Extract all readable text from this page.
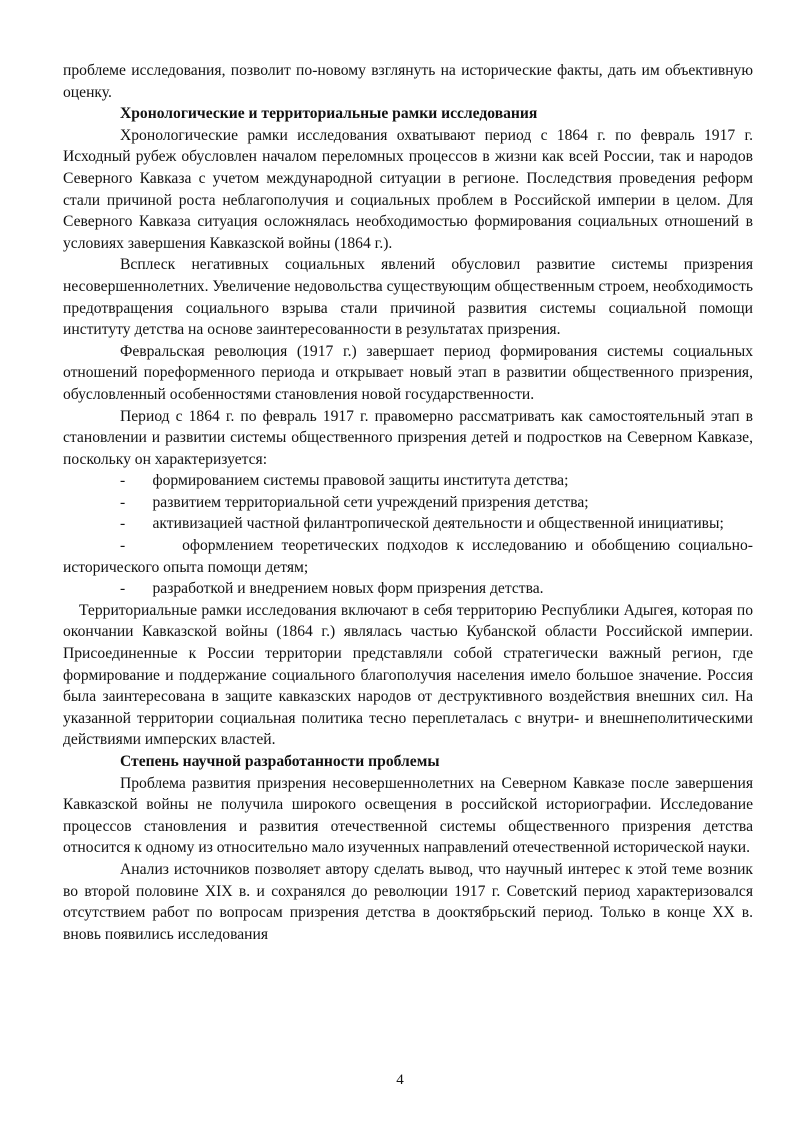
проблеме исследования, позволит по-новому взглянуть на исторические факты, дать им объективную оценку.

Хронологические и территориальные рамки исследования

Хронологические рамки исследования охватывают период с 1864 г. по февраль 1917 г. Исходный рубеж обусловлен началом переломных процессов в жизни как всей России, так и народов Северного Кавказа с учетом международной ситуации в регионе. Последствия проведения реформ стали причиной роста неблагополучия и социальных проблем в Российской империи в целом. Для Северного Кавказа ситуация осложнялась необходимостью формирования социальных отношений в условиях завершения Кавказской войны (1864 г.).

Всплеск негативных социальных явлений обусловил развитие системы призрения несовершеннолетних. Увеличение недовольства существующим общественным строем, необходимость предотвращения социального взрыва стали причиной развития системы социальной помощи институту детства на основе заинтересованности в результатах призрения.

Февральская революция (1917 г.) завершает период формирования системы социальных отношений пореформенного периода и открывает новый этап в развитии общественного призрения, обусловленный особенностями становления новой государственности.

Период с 1864 г. по февраль 1917 г. правомерно рассматривать как самостоятельный этап в становлении и развитии системы общественного призрения детей и подростков на Северном Кавказе, поскольку он характеризуется:

- формированием системы правовой защиты института детства;

- развитием территориальной сети учреждений призрения детства;

- активизацией частной филантропической деятельности и общественной инициативы;

-	оформлением теоретических подходов к исследованию и обобщению социально-исторического опыта помощи детям;

- разработкой и внедрением новых форм призрения детства.

Территориальные рамки исследования включают в себя территорию Республики Адыгея, которая по окончании Кавказской войны (1864 г.) являлась частью Кубанской области Российской империи. Присоединенные к России территории представляли собой стратегически важный регион, где формирование и поддержание социального благополучия населения имело большое значение. Россия была заинтересована в защите кавказских народов от деструктивного воздействия внешних сил. На указанной территории социальная политика тесно переплеталась с внутри- и внешнеполитическими действиями имперских властей.

Степень научной разработанности проблемы

Проблема развития призрения несовершеннолетних на Северном Кавказе после завершения Кавказской войны не получила широкого освещения в российской историографии. Исследование процессов становления и развития отечественной системы общественного призрения детства относится к одному из относительно мало изученных направлений отечественной исторической науки.

Анализ источников позволяет автору сделать вывод, что научный интерес к этой теме возник во второй половине XIX в. и сохранялся до революции 1917 г. Советский период характеризовался отсутствием работ по вопросам призрения детства в дооктябрьский период. Только в конце XX в. вновь появились исследования

4
